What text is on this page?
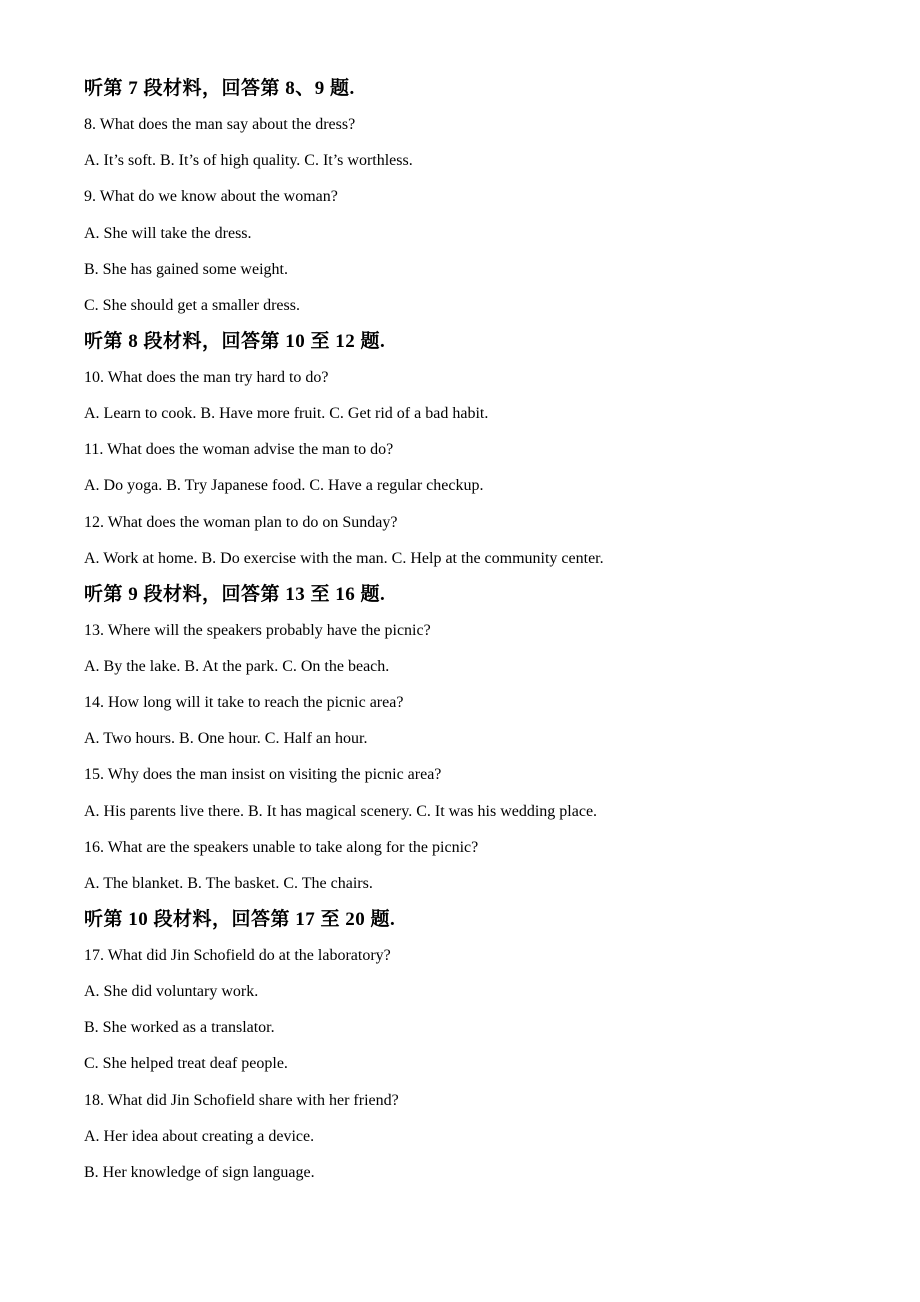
听第 7 段材料，回答第 8、9 题.

8. What does the man say about the dress?

A. It’s soft. B. It’s of high quality. C. It’s worthless.

9. What do we know about the woman?

A. She will take the dress.

B. She has gained some weight.

C. She should get a smaller dress.

听第 8 段材料，回答第 10 至 12 题.

10. What does the man try hard to do?

A. Learn to cook. B. Have more fruit. C. Get rid of a bad habit.

11. What does the woman advise the man to do?

A. Do yoga. B. Try Japanese food. C. Have a regular checkup.

12. What does the woman plan to do on Sunday?

A. Work at home. B. Do exercise with the man. C. Help at the community center.

听第 9 段材料，回答第 13 至 16 题.

13. Where will the speakers probably have the picnic?

A. By the lake. B. At the park. C. On the beach.

14. How long will it take to reach the picnic area?

A. Two hours. B. One hour. C. Half an hour.

15. Why does the man insist on visiting the picnic area?

A. His parents live there. B. It has magical scenery. C. It was his wedding place.

16. What are the speakers unable to take along for the picnic?

A. The blanket. B. The basket. C. The chairs.

听第 10 段材料，回答第 17 至 20 题.

17. What did Jin Schofield do at the laboratory?

A. She did voluntary work.

B. She worked as a translator.

C. She helped treat deaf people.

18. What did Jin Schofield share with her friend?

A. Her idea about creating a device.

B. Her knowledge of sign language.
